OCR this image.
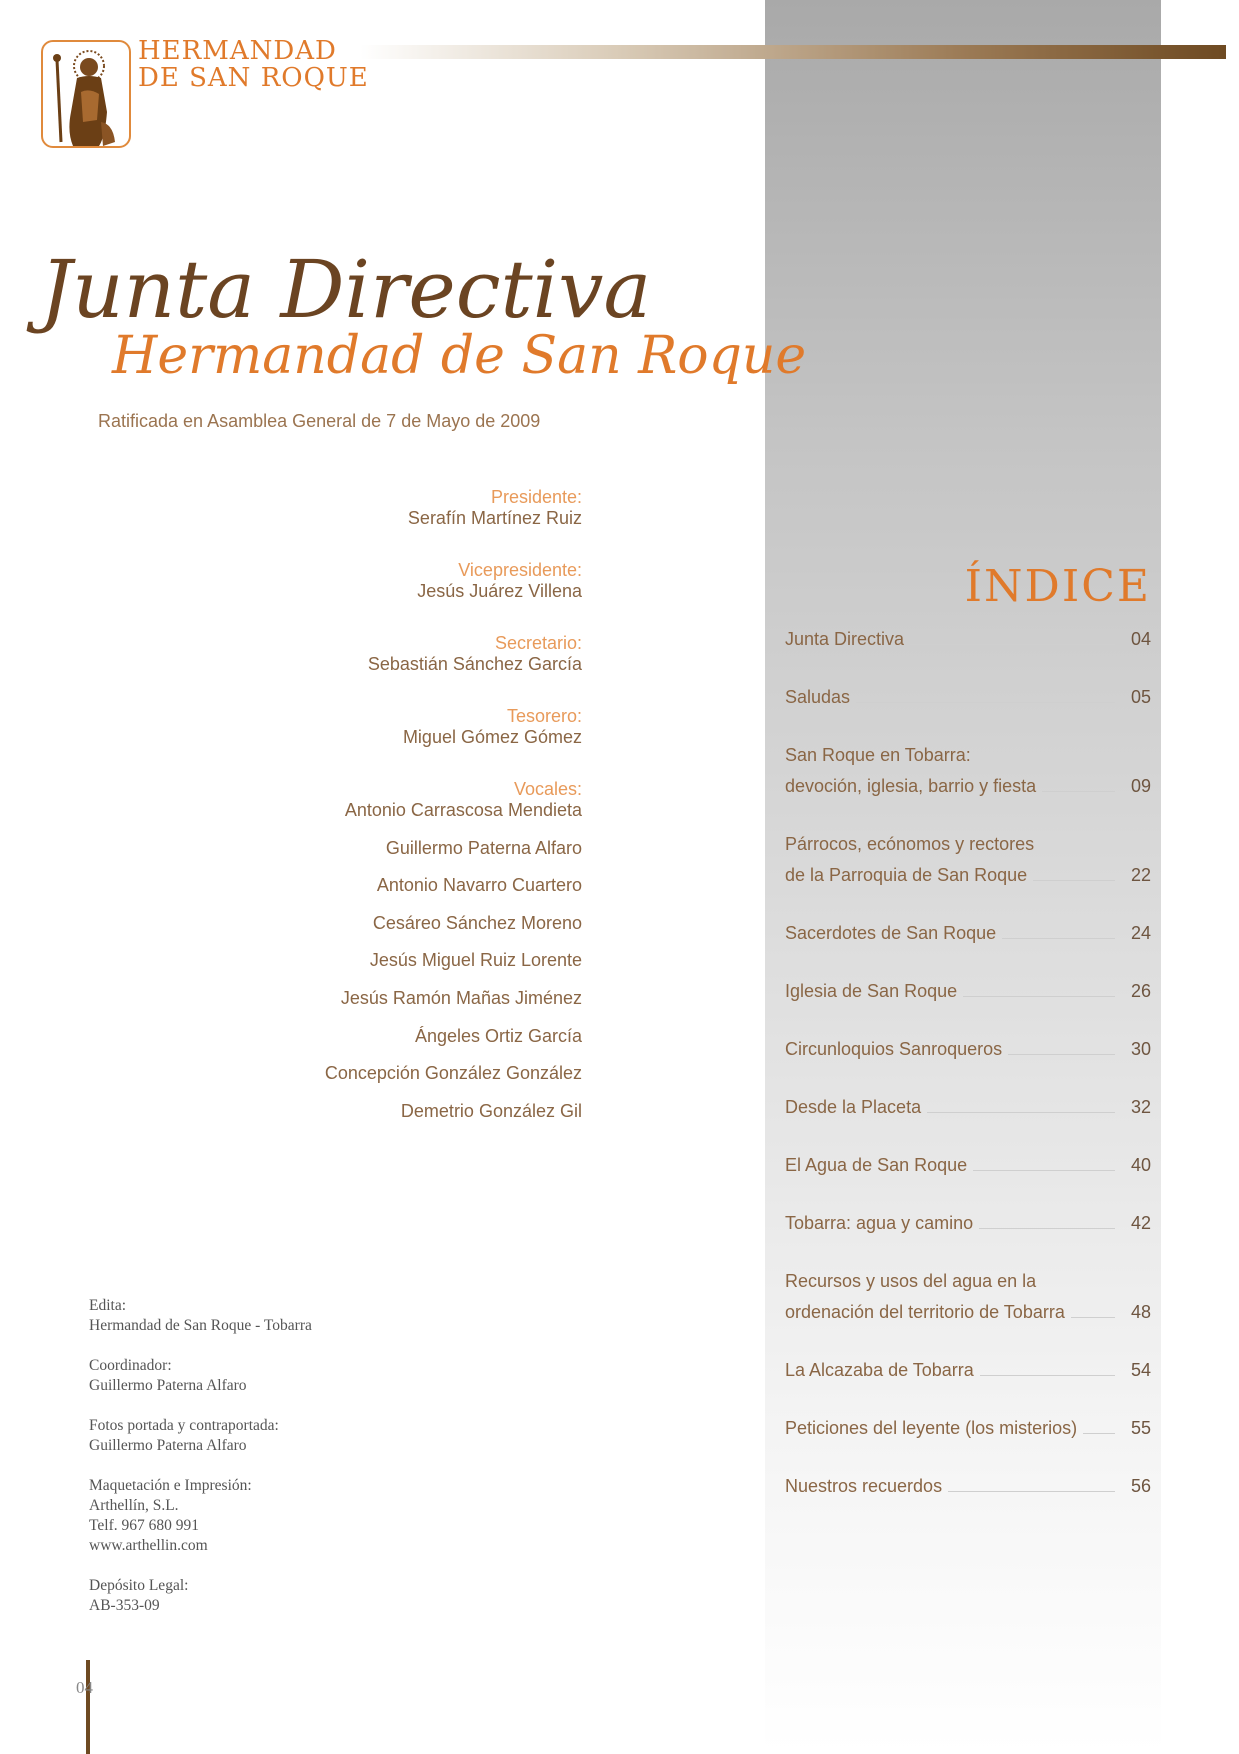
HERMANDAD
DE SAN ROQUE
Junta Directiva
Hermandad de San Roque
Ratificada en Asamblea General de 7 de Mayo de 2009
Presidente:
Serafín Martínez Ruiz
Vicepresidente:
Jesús Juárez Villena
Secretario:
Sebastián Sánchez García
Tesorero:
Miguel Gómez Gómez
Vocales:
Antonio Carrascosa Mendieta
Guillermo Paterna Alfaro
Antonio Navarro Cuartero
Cesáreo Sánchez Moreno
Jesús Miguel Ruiz Lorente
Jesús Ramón Mañas Jiménez
Ángeles Ortiz García
Concepción González González
Demetrio González Gil
Edita:
Hermandad de San Roque - Tobarra
Coordinador:
Guillermo Paterna Alfaro
Fotos portada y contraportada:
Guillermo Paterna Alfaro
Maquetación e Impresión:
Arthellín, S.L.
Telf. 967 680 991
www.arthellin.com
Depósito Legal:
AB-353-09
ÍNDICE
Junta Directiva	04
Saludas	05
San Roque en Tobarra:
devoción, iglesia, barrio y fiesta	09
Párrocos, ecónomos y rectores
de la Parroquia de San Roque	22
Sacerdotes de San Roque	24
Iglesia de San Roque	26
Circunloquios Sanroqueros	30
Desde la Placeta	32
El Agua de San Roque	40
Tobarra: agua y camino	42
Recursos y usos del agua en la
ordenación del territorio de Tobarra	48
La Alcazaba de Tobarra	54
Peticiones del leyente (los misterios)	55
Nuestros recuerdos	56
04
